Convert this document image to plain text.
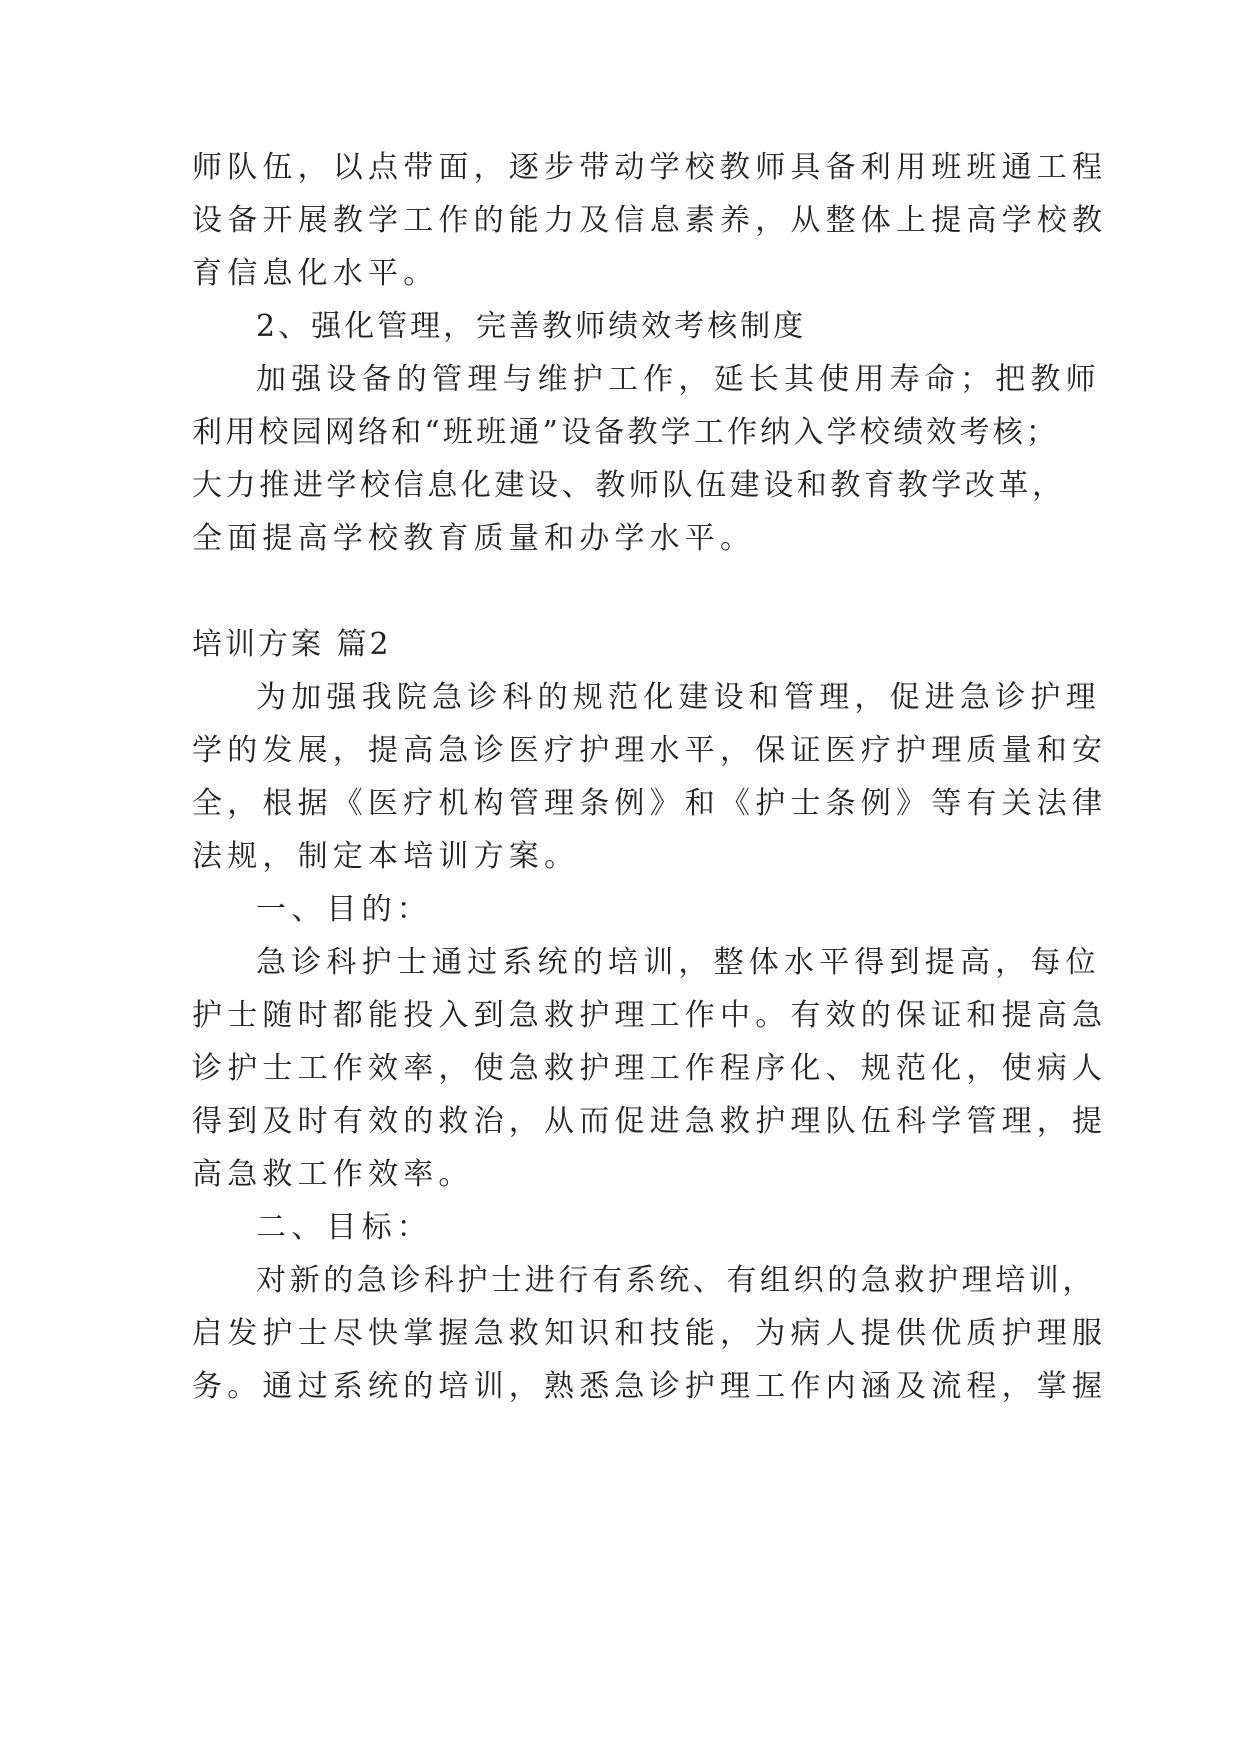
师队伍，以点带面，逐步带动学校教师具备利用班班通工程
设备开展教学工作的能力及信息素养，从整体上提高学校教
育信息化水平。
2、强化管理，完善教师绩效考核制度
加强设备的管理与维护工作，延长其使用寿命；把教师
利用校园网络和“班班通”设备教学工作纳入学校绩效考核；
大力推进学校信息化建设、教师队伍建设和教育教学改革，
全面提高学校教育质量和办学水平。
培训方案 篇2
为加强我院急诊科的规范化建设和管理，促进急诊护理
学的发展，提高急诊医疗护理水平，保证医疗护理质量和安
全，根据《医疗机构管理条例》和《护士条例》等有关法律
法规，制定本培训方案。
一、目的：
急诊科护士通过系统的培训，整体水平得到提高，每位
护士随时都能投入到急救护理工作中。有效的保证和提高急
诊护士工作效率，使急救护理工作程序化、规范化，使病人
得到及时有效的救治，从而促进急救护理队伍科学管理，提
高急救工作效率。
二、目标：
对新的急诊科护士进行有系统、有组织的急救护理培训，
启发护士尽快掌握急救知识和技能，为病人提供优质护理服
务。通过系统的培训，熟悉急诊护理工作内涵及流程，掌握
